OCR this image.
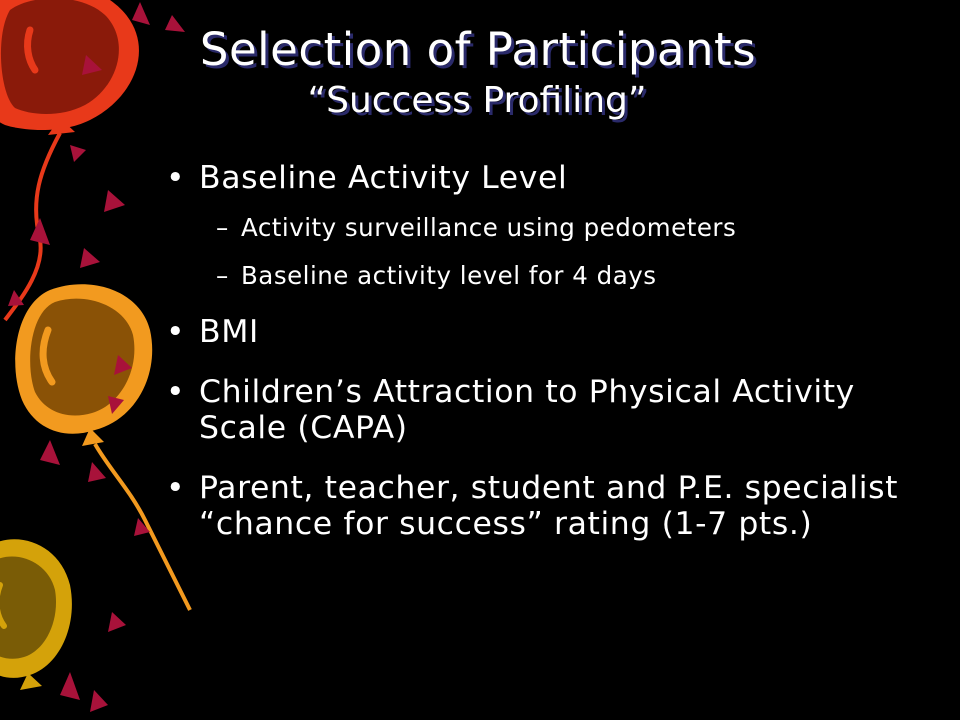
Selection of Participants
“Success Profiling”
• Baseline Activity Level
– Activity surveillance using pedometers
– Baseline activity level for 4 days
• BMI
• Children’s Attraction to Physical Activity Scale (CAPA)
• Parent, teacher, student and P.E. specialist “chance for success” rating (1-7 pts.)
